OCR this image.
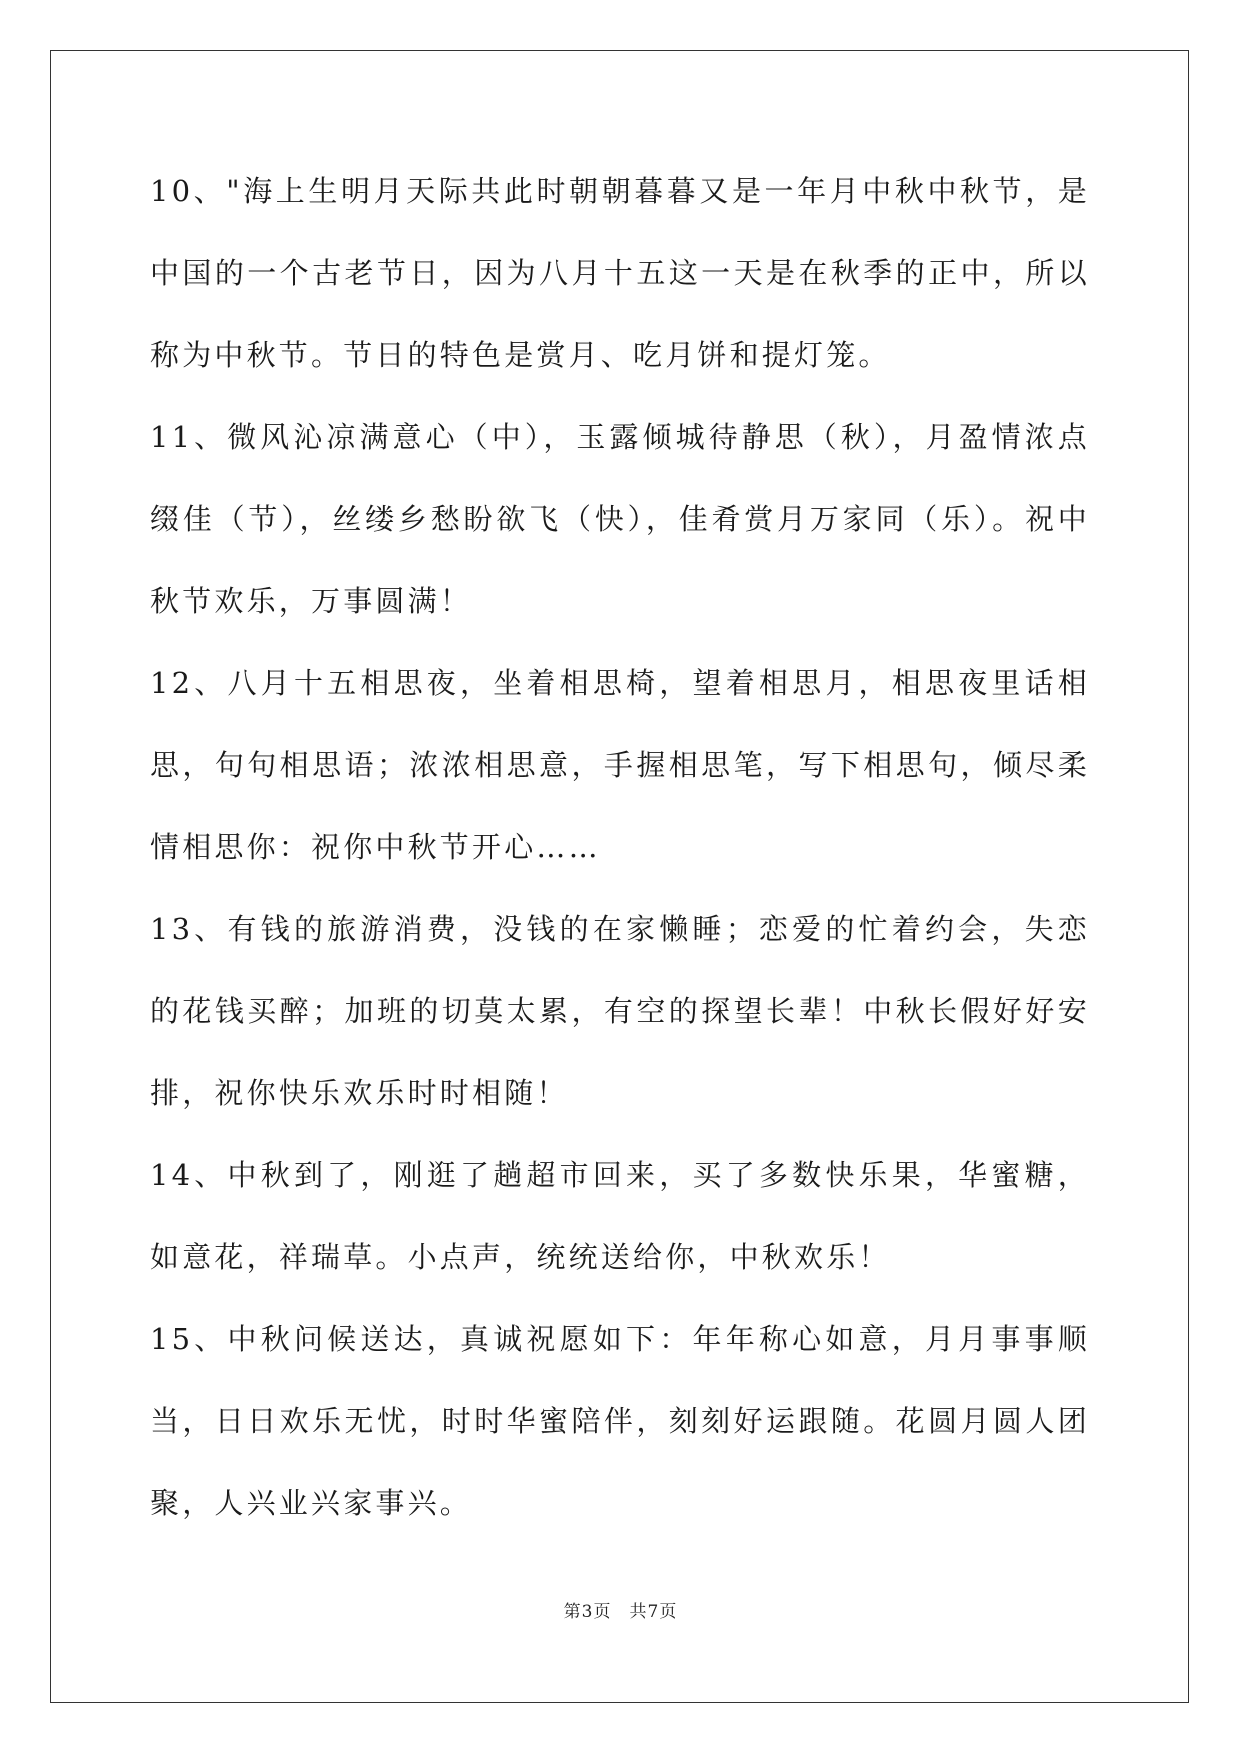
10、"海上生明月天际共此时朝朝暮暮又是一年月中秋中秋节，是中国的一个古老节日，因为八月十五这一天是在秋季的正中，所以称为中秋节。节日的特色是赏月、吃月饼和提灯笼。

11、微风沁凉满意心（中），玉露倾城待静思（秋），月盈情浓点缀佳（节），丝缕乡愁盼欲飞（快），佳肴赏月万家同（乐）。祝中秋节欢乐，万事圆满！

12、八月十五相思夜，坐着相思椅，望着相思月，相思夜里话相思，句句相思语；浓浓相思意，手握相思笔，写下相思句，倾尽柔情相思你：祝你中秋节开心……

13、有钱的旅游消费，没钱的在家懒睡；恋爱的忙着约会，失恋的花钱买醉；加班的切莫太累，有空的探望长辈！中秋长假好好安排，祝你快乐欢乐时时相随！

14、中秋到了，刚逛了趟超市回来，买了多数快乐果，华蜜糖，如意花，祥瑞草。小点声，统统送给你，中秋欢乐！

15、中秋问候送达，真诚祝愿如下：年年称心如意，月月事事顺当，日日欢乐无忧，时时华蜜陪伴，刻刻好运跟随。花圆月圆人团聚，人兴业兴家事兴。

第3页 共7页
